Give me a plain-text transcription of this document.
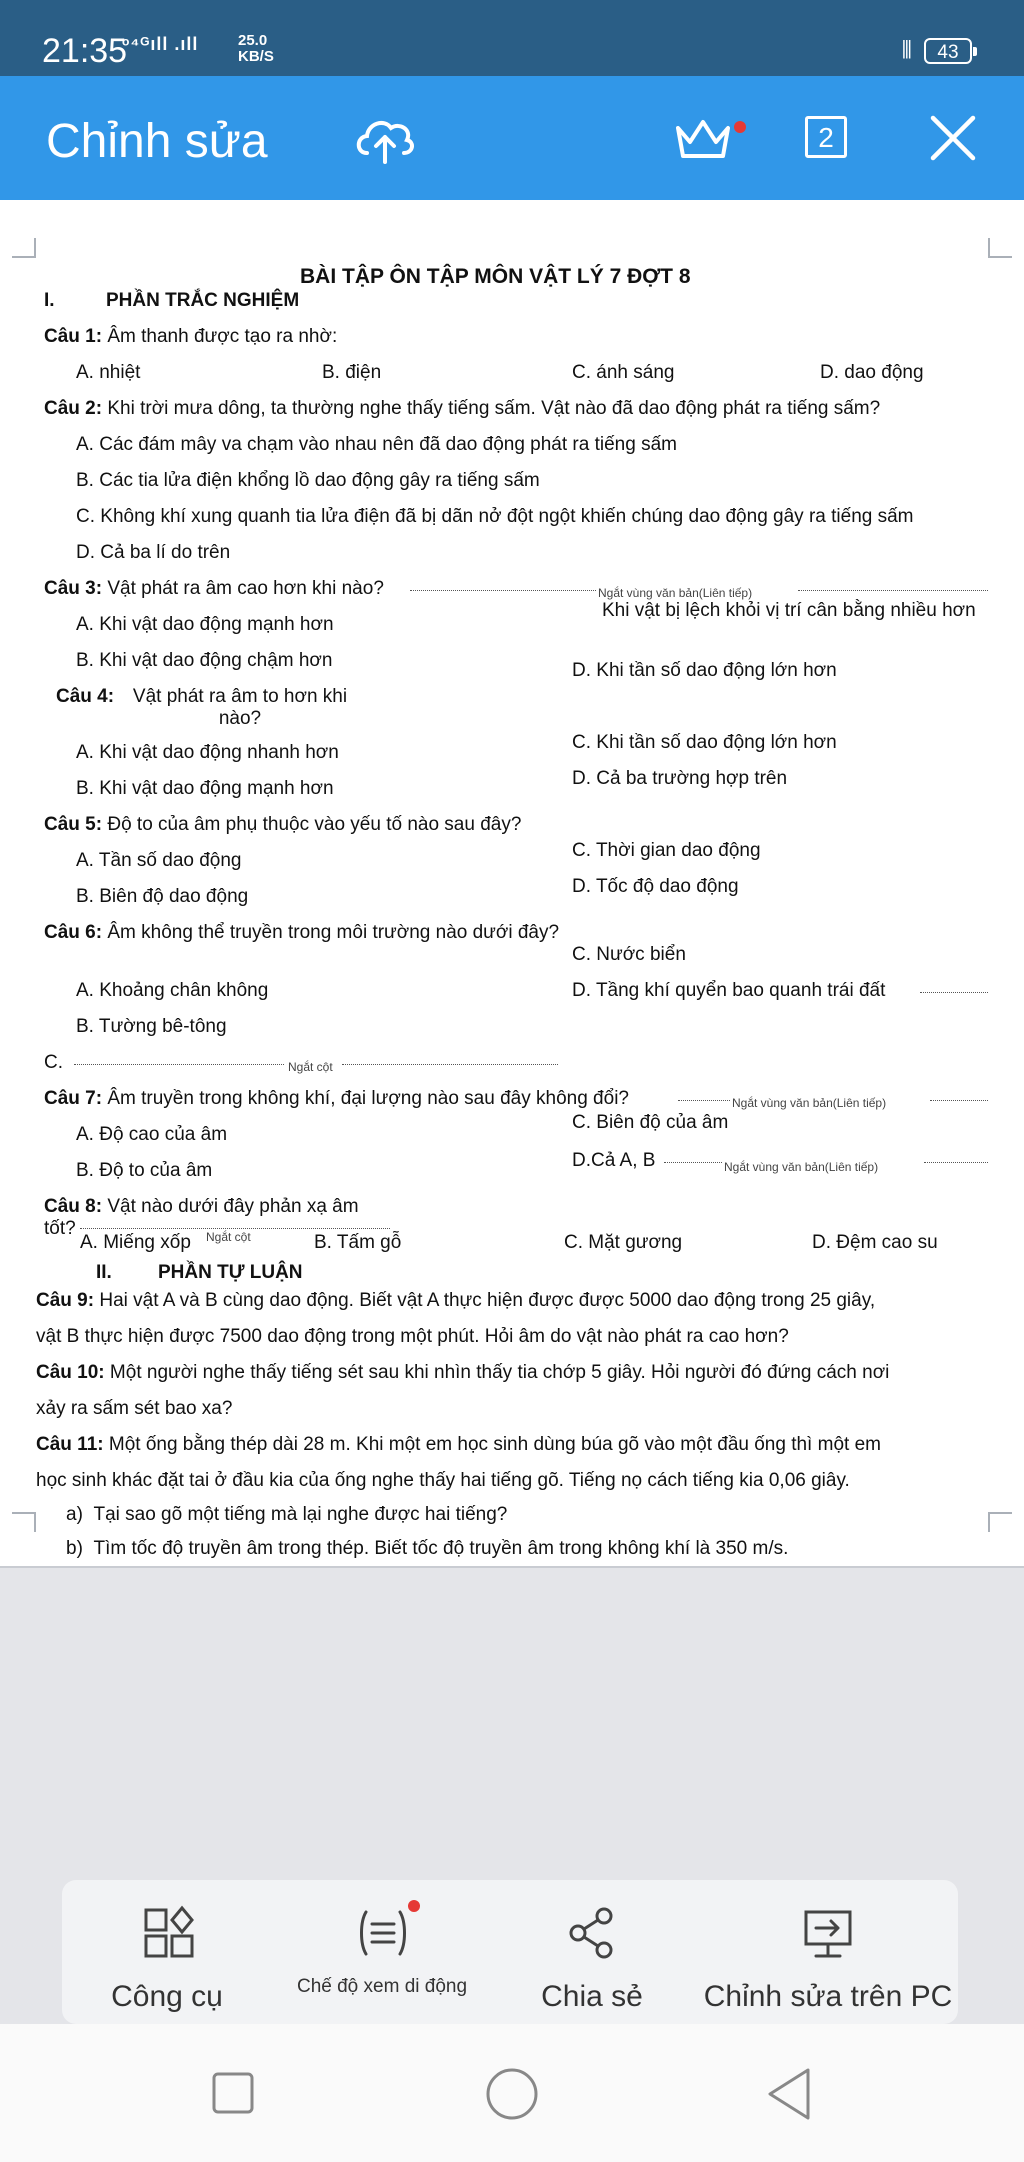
21:35
ᵒ⁴ᴳıll .ıll	25.0
KB/S	⦀	43
Chỉnh sửa	2
BÀI TẬP ÔN TẬP MÔN VẬT LÝ 7 ĐỢT 8
I.	PHẦN TRẮC NGHIỆM
Câu 1: Âm thanh được tạo ra nhờ:
A. nhiệt	B. điện	C. ánh sáng	D. dao động
Câu 2: Khi trời mưa dông, ta thường nghe thấy tiếng sấm. Vật nào đã dao động phát ra tiếng sấm?
A. Các đám mây va chạm vào nhau nên đã dao động phát ra tiếng sấm
B. Các tia lửa điện khổng lồ dao động gây ra tiếng sấm
C. Không khí xung quanh tia lửa điện đã bị dãn nở đột ngột khiến chúng dao động gây ra tiếng sấm
D. Cả ba lí do trên
Câu 3: Vật phát ra âm cao hơn khi nào?	Ngắt vùng văn bản(Liên tiếp)
A. Khi vật dao động mạnh hơn
Khi vật bị lệch khỏi vị trí cân bằng nhiều hơn
B. Khi vật dao động chậm hơn	D. Khi tần số dao động lớn hơn
Câu 4: Vật phát ra âm to hơn khi nào?
C. Khi tần số dao động lớn hơn
A. Khi vật dao động nhanh hơn
D. Cả ba trường hợp trên
B. Khi vật dao động mạnh hơn
Câu 5: Độ to của âm phụ thuộc vào yếu tố nào sau đây?
C. Thời gian dao động
A. Tần số dao động
D. Tốc độ dao động
B. Biên độ dao động
Câu 6: Âm không thể truyền trong môi trường nào dưới đây?
C. Nước biển
A. Khoảng chân không	D. Tầng khí quyển bao quanh trái đất
B. Tường bê-tông
C.	Ngắt cột
Câu 7: Âm truyền trong không khí, đại lượng nào sau đây không đổi?	Ngắt vùng văn bản(Liên tiếp)
C. Biên độ của âm
A. Độ cao của âm
D.Cả A, B	Ngắt vùng văn bản(Liên tiếp)
B. Độ to của âm
Câu 8: Vật nào dưới đây phản xạ âm tốt?
A. Miếng xốp Ngắt cột	B. Tấm gỗ	C. Mặt gương	D. Đệm cao su
II. PHẦN TỰ LUẬN
Câu 9: Hai vật A và B cùng dao động. Biết vật A thực hiện được được 5000 dao động trong 25 giây,
vật B thực hiện được 7500 dao động trong một phút. Hỏi âm do vật nào phát ra cao hơn?
Câu 10: Một người nghe thấy tiếng sét sau khi nhìn thấy tia chớp 5 giây. Hỏi người đó đứng cách nơi
xảy ra sấm sét bao xa?
Câu 11: Một ống bằng thép dài 28 m. Khi một em học sinh dùng búa gõ vào một đầu ống thì một em
học sinh khác đặt tai ở đầu kia của ống nghe thấy hai tiếng gõ. Tiếng nọ cách tiếng kia 0,06 giây.
a) Tại sao gõ một tiếng mà lại nghe được hai tiếng?
b) Tìm tốc độ truyền âm trong thép. Biết tốc độ truyền âm trong không khí là 350 m/s.
Công cụ	Chế độ xem di động	Chia sẻ	Chỉnh sửa trên PC
